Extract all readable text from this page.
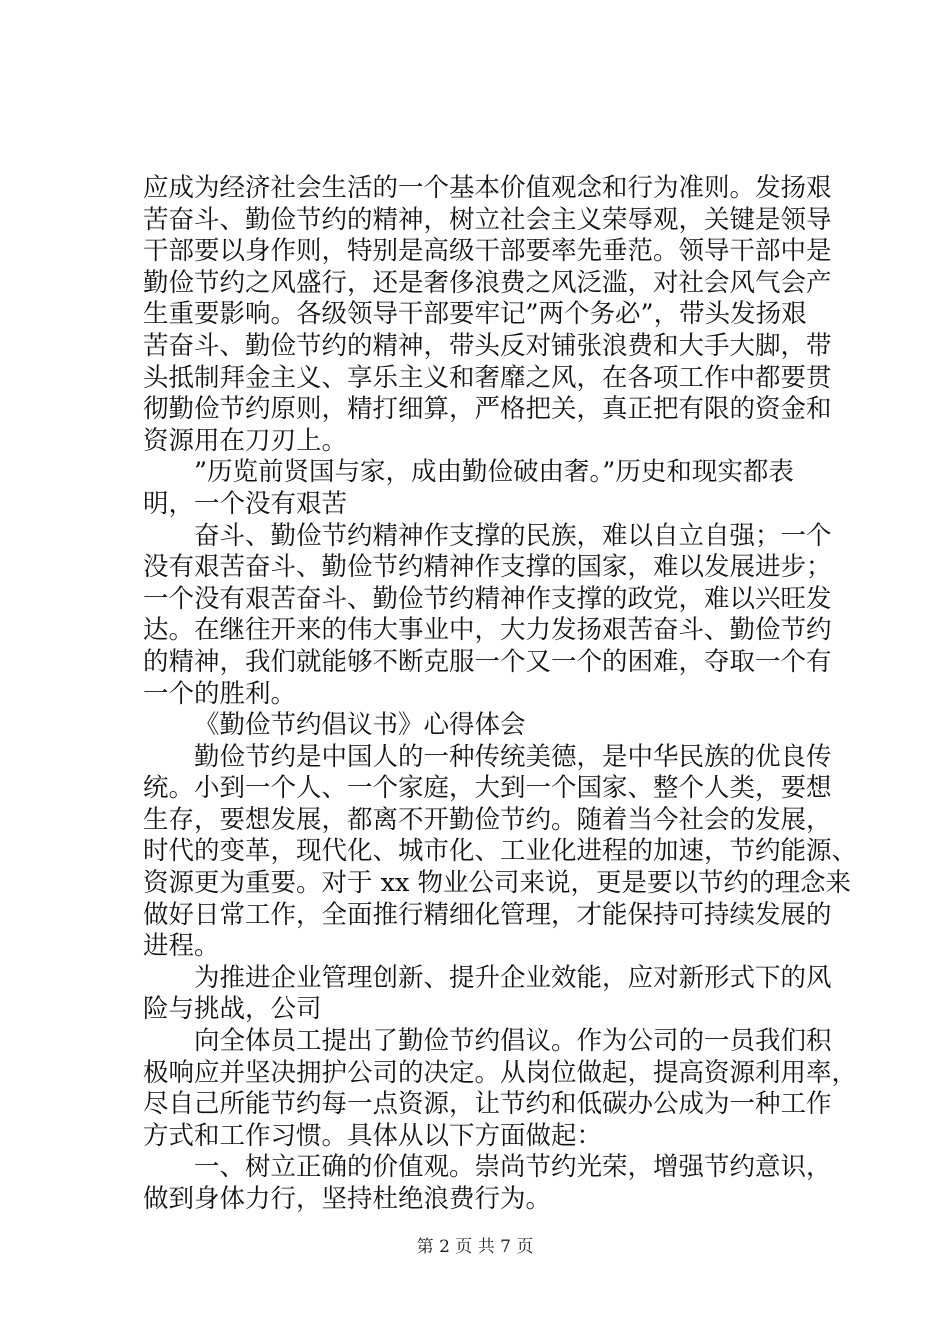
应成为经济社会生活的一个基本价值观念和行为准则。发扬艰
苦奋斗、勤俭节约的精神，树立社会主义荣辱观，关键是领导
干部要以身作则，特别是高级干部要率先垂范。领导干部中是
勤俭节约之风盛行，还是奢侈浪费之风泛滥，对社会风气会产
生重要影响。各级领导干部要牢记”两个务必”，带头发扬艰
苦奋斗、勤俭节约的精神，带头反对铺张浪费和大手大脚，带
头抵制拜金主义、享乐主义和奢靡之风，在各项工作中都要贯
彻勤俭节约原则，精打细算，严格把关，真正把有限的资金和
资源用在刀刃上。
”历览前贤国与家，成由勤俭破由奢。”历史和现实都表
明，一个没有艰苦
奋斗、勤俭节约精神作支撑的民族，难以自立自强；一个
没有艰苦奋斗、勤俭节约精神作支撑的国家，难以发展进步；
一个没有艰苦奋斗、勤俭节约精神作支撑的政党，难以兴旺发
达。在继往开来的伟大事业中，大力发扬艰苦奋斗、勤俭节约
的精神，我们就能够不断克服一个又一个的困难，夺取一个有
一个的胜利。
《勤俭节约倡议书》心得体会
勤俭节约是中国人的一种传统美德，是中华民族的优良传
统。小到一个人、一个家庭，大到一个国家、整个人类，要想
生存，要想发展，都离不开勤俭节约。随着当今社会的发展，
时代的变革，现代化、城市化、工业化进程的加速，节约能源、
资源更为重要。对于 xx 物业公司来说，更是要以节约的理念来
做好日常工作，全面推行精细化管理，才能保持可持续发展的
进程。
为推进企业管理创新、提升企业效能，应对新形式下的风
险与挑战，公司
向全体员工提出了勤俭节约倡议。作为公司的一员我们积
极响应并坚决拥护公司的决定。从岗位做起，提高资源利用率，
尽自己所能节约每一点资源，让节约和低碳办公成为一种工作
方式和工作习惯。具体从以下方面做起：
一、树立正确的价值观。崇尚节约光荣，增强节约意识，
做到身体力行，坚持杜绝浪费行为。
第 2 页 共 7 页
